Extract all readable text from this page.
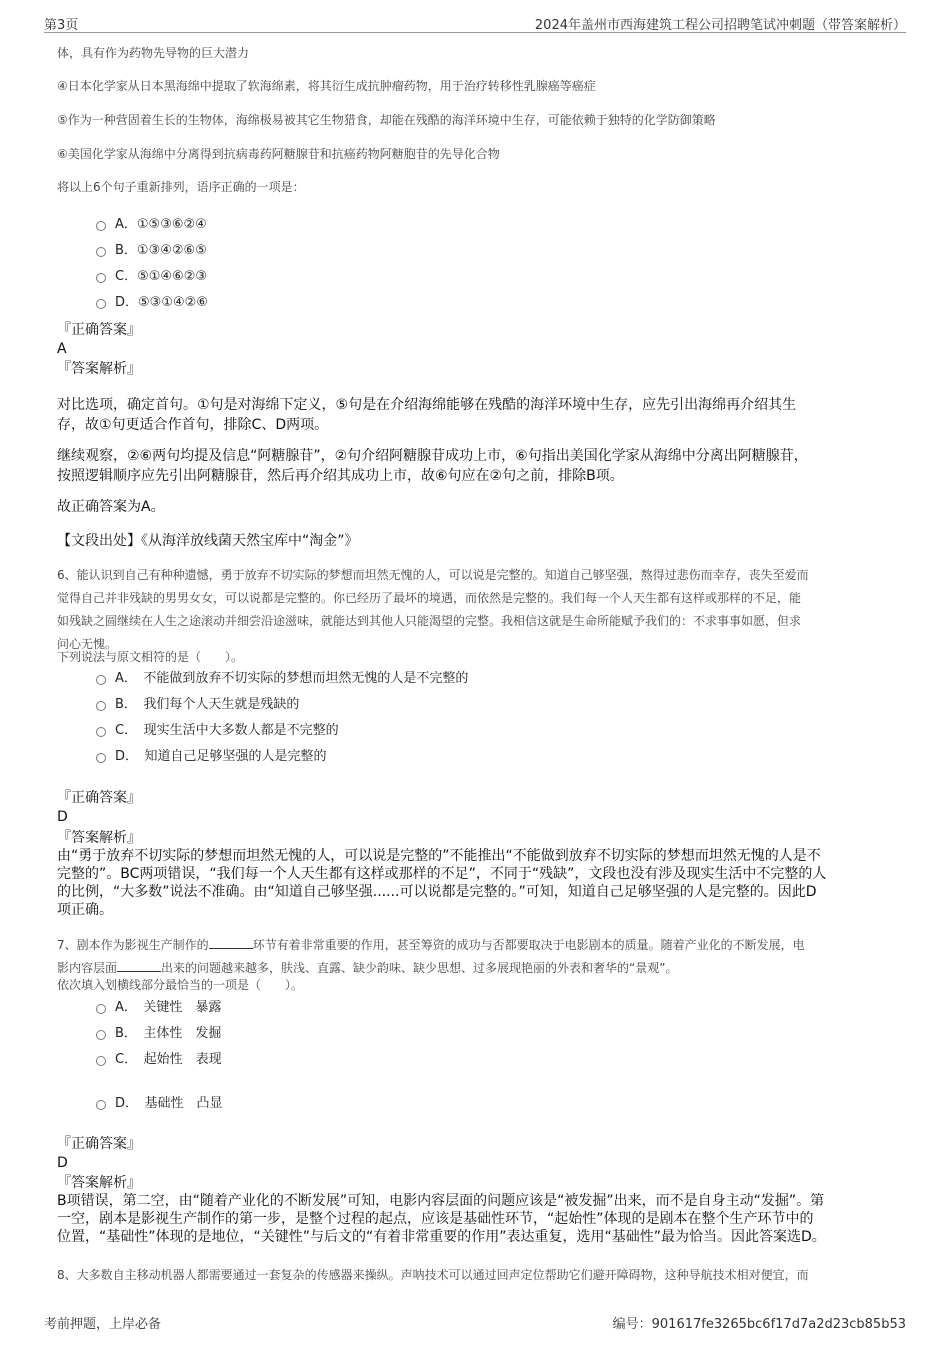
第3页	2024年盖州市西海建筑工程公司招聘笔试冲刺题（带答案解析）
体，具有作为药物先导物的巨大潜力
④日本化学家从日本黑海绵中提取了软海绵素，将其衍生成抗肿瘤药物，用于治疗转移性乳腺癌等癌症
⑤作为一种营固着生长的生物体，海绵极易被其它生物猎食，却能在残酷的海洋环境中生存，可能依赖于独特的化学防御策略
⑥美国化学家从海绵中分离得到抗病毒药阿糖腺苷和抗癌药物阿糖胞苷的先导化合物
将以上6个句子重新排列，语序正确的一项是：
A．①⑤③⑥②④
B．①③④②⑥⑤
C．⑤①④⑥②③
D．⑤③①④②⑥
『正确答案』
A
『答案解析』
对比选项，确定首句。①句是对海绵下定义，⑤句是在介绍海绵能够在残酷的海洋环境中生存，应先引出海绵再介绍其生
存，故①句更适合作首句，排除C、D两项。
继续观察，②⑥两句均提及信息“阿糖腺苷”，②句介绍阿糖腺苷成功上市，⑥句指出美国化学家从海绵中分离出阿糖腺苷，
按照逻辑顺序应先引出阿糖腺苷，然后再介绍其成功上市，故⑥句应在②句之前，排除B项。
故正确答案为A。
【文段出处】《从海洋放线菌天然宝库中“淘金”》
6、能认识到自己有种种遗憾，勇于放弃不切实际的梦想而坦然无愧的人，可以说是完整的。知道自己够坚强，熬得过悲伤而幸存，丧失至爱而
觉得自己并非残缺的男男女女，可以说都是完整的。你已经历了最坏的境遇，而依然是完整的。我们每一个人天生都有这样或那样的不足，能
如残缺之圆继续在人生之途滚动并细尝沿途滋味，就能达到其他人只能渴望的完整。我相信这就是生命所能赋予我们的：不求事事如愿，但求
问心无愧。
下列说法与原文相符的是（　　）。
A．　不能做到放弃不切实际的梦想而坦然无愧的人是不完整的
B．　我们每个人天生就是残缺的
C．　现实生活中大多数人都是不完整的
D．　知道自己足够坚强的人是完整的
『正确答案』
D
『答案解析』
由“勇于放弃不切实际的梦想而坦然无愧的人，可以说是完整的”不能推出“不能做到放弃不切实际的梦想而坦然无愧的人是不
完整的”。BC两项错误，“我们每一个人天生都有这样或那样的不足”，不同于“残缺”，文段也没有涉及现实生活中不完整的人
的比例，“大多数”说法不准确。由“知道自己够坚强......可以说都是完整的。”可知，知道自己足够坚强的人是完整的。因此D
项正确。
7、剧本作为影视生产制作的	环节有着非常重要的作用，甚至筹资的成功与否都要取决于电影剧本的质量。随着产业化的不断发展，电
影内容层面	出来的问题越来越多，肤浅、直露、缺少韵味、缺少思想、过多展现艳丽的外表和奢华的“景观”。
依次填入划横线部分最恰当的一项是（　　）。
A．　关键性　暴露
B．　主体性　发掘
C．　起始性　表现
D．　基础性　凸显
『正确答案』
D
『答案解析』
B项错误，第二空，由“随着产业化的不断发展”可知，电影内容层面的问题应该是“被发掘”出来，而不是自身主动“发掘”。第
一空，剧本是影视生产制作的第一步，是整个过程的起点，应该是基础性环节，“起始性”体现的是剧本在整个生产环节中的
位置，“基础性”体现的是地位，“关键性”与后文的“有着非常重要的作用”表达重复，选用“基础性”最为恰当。因此答案选D。
8、大多数自主移动机器人都需要通过一套复杂的传感器来操纵。声呐技术可以通过回声定位帮助它们避开障碍物，这种导航技术相对便宜，而
考前押题，上岸必备	编号：901617fe3265bc6f17d7a2d23cb85b53
